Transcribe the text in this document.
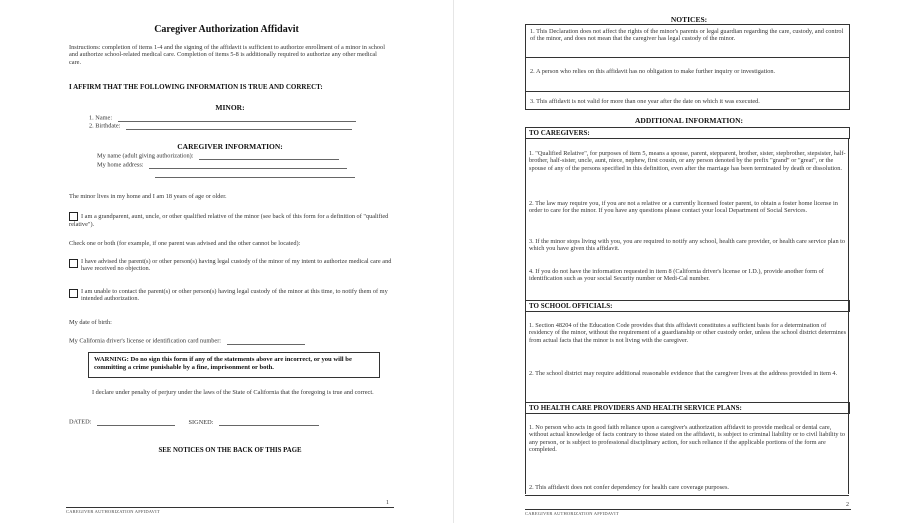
Caregiver Authorization Affidavit
Instructions: completion of items 1-4 and the signing of the affidavit is sufficient to authorize enrollment of a minor in school and authorize school-related medical care. Completion of items 5-8 is additionally required to authorize any other medical care.
I AFFIRM THAT THE FOLLOWING INFORMATION IS TRUE AND CORRECT:
MINOR:
1. Name:
2. Birthdate:
CAREGIVER INFORMATION:
My name (adult giving authorization):
My home address:
The minor lives in my home and I am 18 years of age or older.
I am a grandparent, aunt, uncle, or other qualified relative of the minor (see back of this form for a definition of "qualified relative").
Check one or both (for example, if one parent was advised and the other cannot be located):
I have advised the parent(s) or other person(s) having legal custody of the minor of my intent to authorize medical care and have received no objection.
I am unable to contact the parent(s) or other person(s) having legal custody of the minor at this time, to notify them of my intended authorization.
My date of birth:
My California driver's license or identification card number:
WARNING: Do no sign this form if any of the statements above are incorrect, or you will be committing a crime punishable by a fine, imprisonment or both.
I declare under penalty of perjury under the laws of the State of California that the foregoing is true and correct.
DATED:	SIGNED:
SEE NOTICES ON THE BACK OF THIS PAGE
1
CAREGIVER AUTHORIZATION AFFIDAVIT
NOTICES:
1. This Declaration does not affect the rights of the minor's parents or legal guardian regarding the care, custody, and control of the minor, and does not mean that the caregiver has legal custody of the minor.
2. A person who relies on this affidavit has no obligation to make further inquiry or investigation.
3. This affidavit is not valid for more than one year after the date on which it was executed.
ADDITIONAL INFORMATION:
TO CAREGIVERS:
1. "Qualified Relative", for purposes of item 5, means a spouse, parent, stepparent, brother, sister, stepbrother, stepsister, half-brother, half-sister, uncle, aunt, niece, nephew, first cousin, or any person denoted by the prefix "grand" or "great", or the spouse of any of the persons specified in this definition, even after the marriage has been terminated by death or dissolution.
2. The law may require you, if you are not a relative or a currently licensed foster parent, to obtain a foster home license in order to care for the minor. If you have any questions please contact your local Department of Social Services.
3. If the minor stops living with you, you are required to notify any school, health care provider, or health care service plan to which you have given this affidavit.
4. If you do not have the information requested in item 8 (California driver's license or I.D.), provide another form of identification such as your social Security number or Medi-Cal number.
TO SCHOOL OFFICIALS:
1. Section 48204 of the Education Code provides that this affidavit constitutes a sufficient basis for a determination of residency of the minor, without the requirement of a guardianship or other custody order, unless the school district determines from actual facts that the minor is not living with the caregiver.
2. The school district may require additional reasonable evidence that the caregiver lives at the address provided in item 4.
TO HEALTH CARE PROVIDERS AND HEALTH SERVICE PLANS:
1. No person who acts in good faith reliance upon a caregiver's authorization affidavit to provide medical or dental care, without actual knowledge of facts contrary to those stated on the affidavit, is subject to criminal liability or to civil liability to any person, or is subject to professional disciplinary action, for such reliance if the applicable portions of the form are completed.
2. This affidavit does not confer dependency for health care coverage purposes.
2
CAREGIVER AUTHORIZATION AFFIDAVIT
